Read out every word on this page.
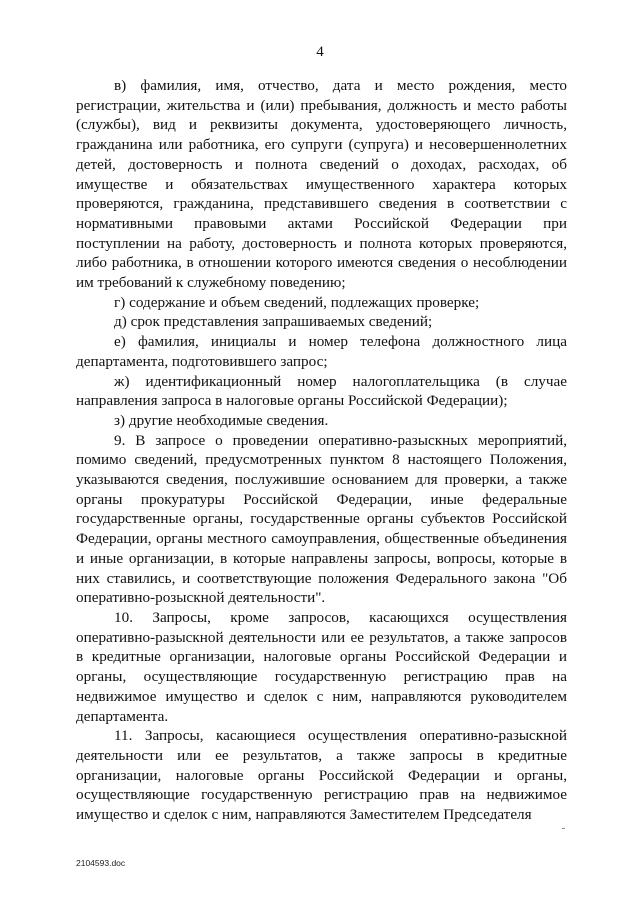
4

в) фамилия, имя, отчество, дата и место рождения, место регистрации, жительства и (или) пребывания, должность и место работы (службы), вид и реквизиты документа, удостоверяющего личность, гражданина или работника, его супруги (супруга) и несовершеннолетних детей, достоверность и полнота сведений о доходах, расходах, об имуществе и обязательствах имущественного характера которых проверяются, гражданина, представившего сведения в соответствии с нормативными правовыми актами Российской Федерации при поступлении на работу, достоверность и полнота которых проверяются, либо работника, в отношении которого имеются сведения о несоблюдении им требований к служебному поведению;

г) содержание и объем сведений, подлежащих проверке;

д) срок представления запрашиваемых сведений;

е) фамилия, инициалы и номер телефона должностного лица департамента, подготовившего запрос;

ж) идентификационный номер налогоплательщика (в случае направления запроса в налоговые органы Российской Федерации);

з) другие необходимые сведения.

9. В запросе о проведении оперативно-разыскных мероприятий, помимо сведений, предусмотренных пунктом 8 настоящего Положения, указываются сведения, послужившие основанием для проверки, а также органы прокуратуры Российской Федерации, иные федеральные государственные органы, государственные органы субъектов Российской Федерации, органы местного самоуправления, общественные объединения и иные организации, в которые направлены запросы, вопросы, которые в них ставились, и соответствующие положения Федерального закона "Об оперативно-розыскной деятельности".

10. Запросы, кроме запросов, касающихся осуществления оперативно-разыскной деятельности или ее результатов, а также запросов в кредитные организации, налоговые органы Российской Федерации и органы, осуществляющие государственную регистрацию прав на недвижимое имущество и сделок с ним, направляются руководителем департамента.

11. Запросы, касающиеся осуществления оперативно-разыскной деятельности или ее результатов, а также запросы в кредитные организации, налоговые органы Российской Федерации и органы, осуществляющие государственную регистрацию прав на недвижимое имущество и сделок с ним, направляются Заместителем Председателя

2104593.doc
